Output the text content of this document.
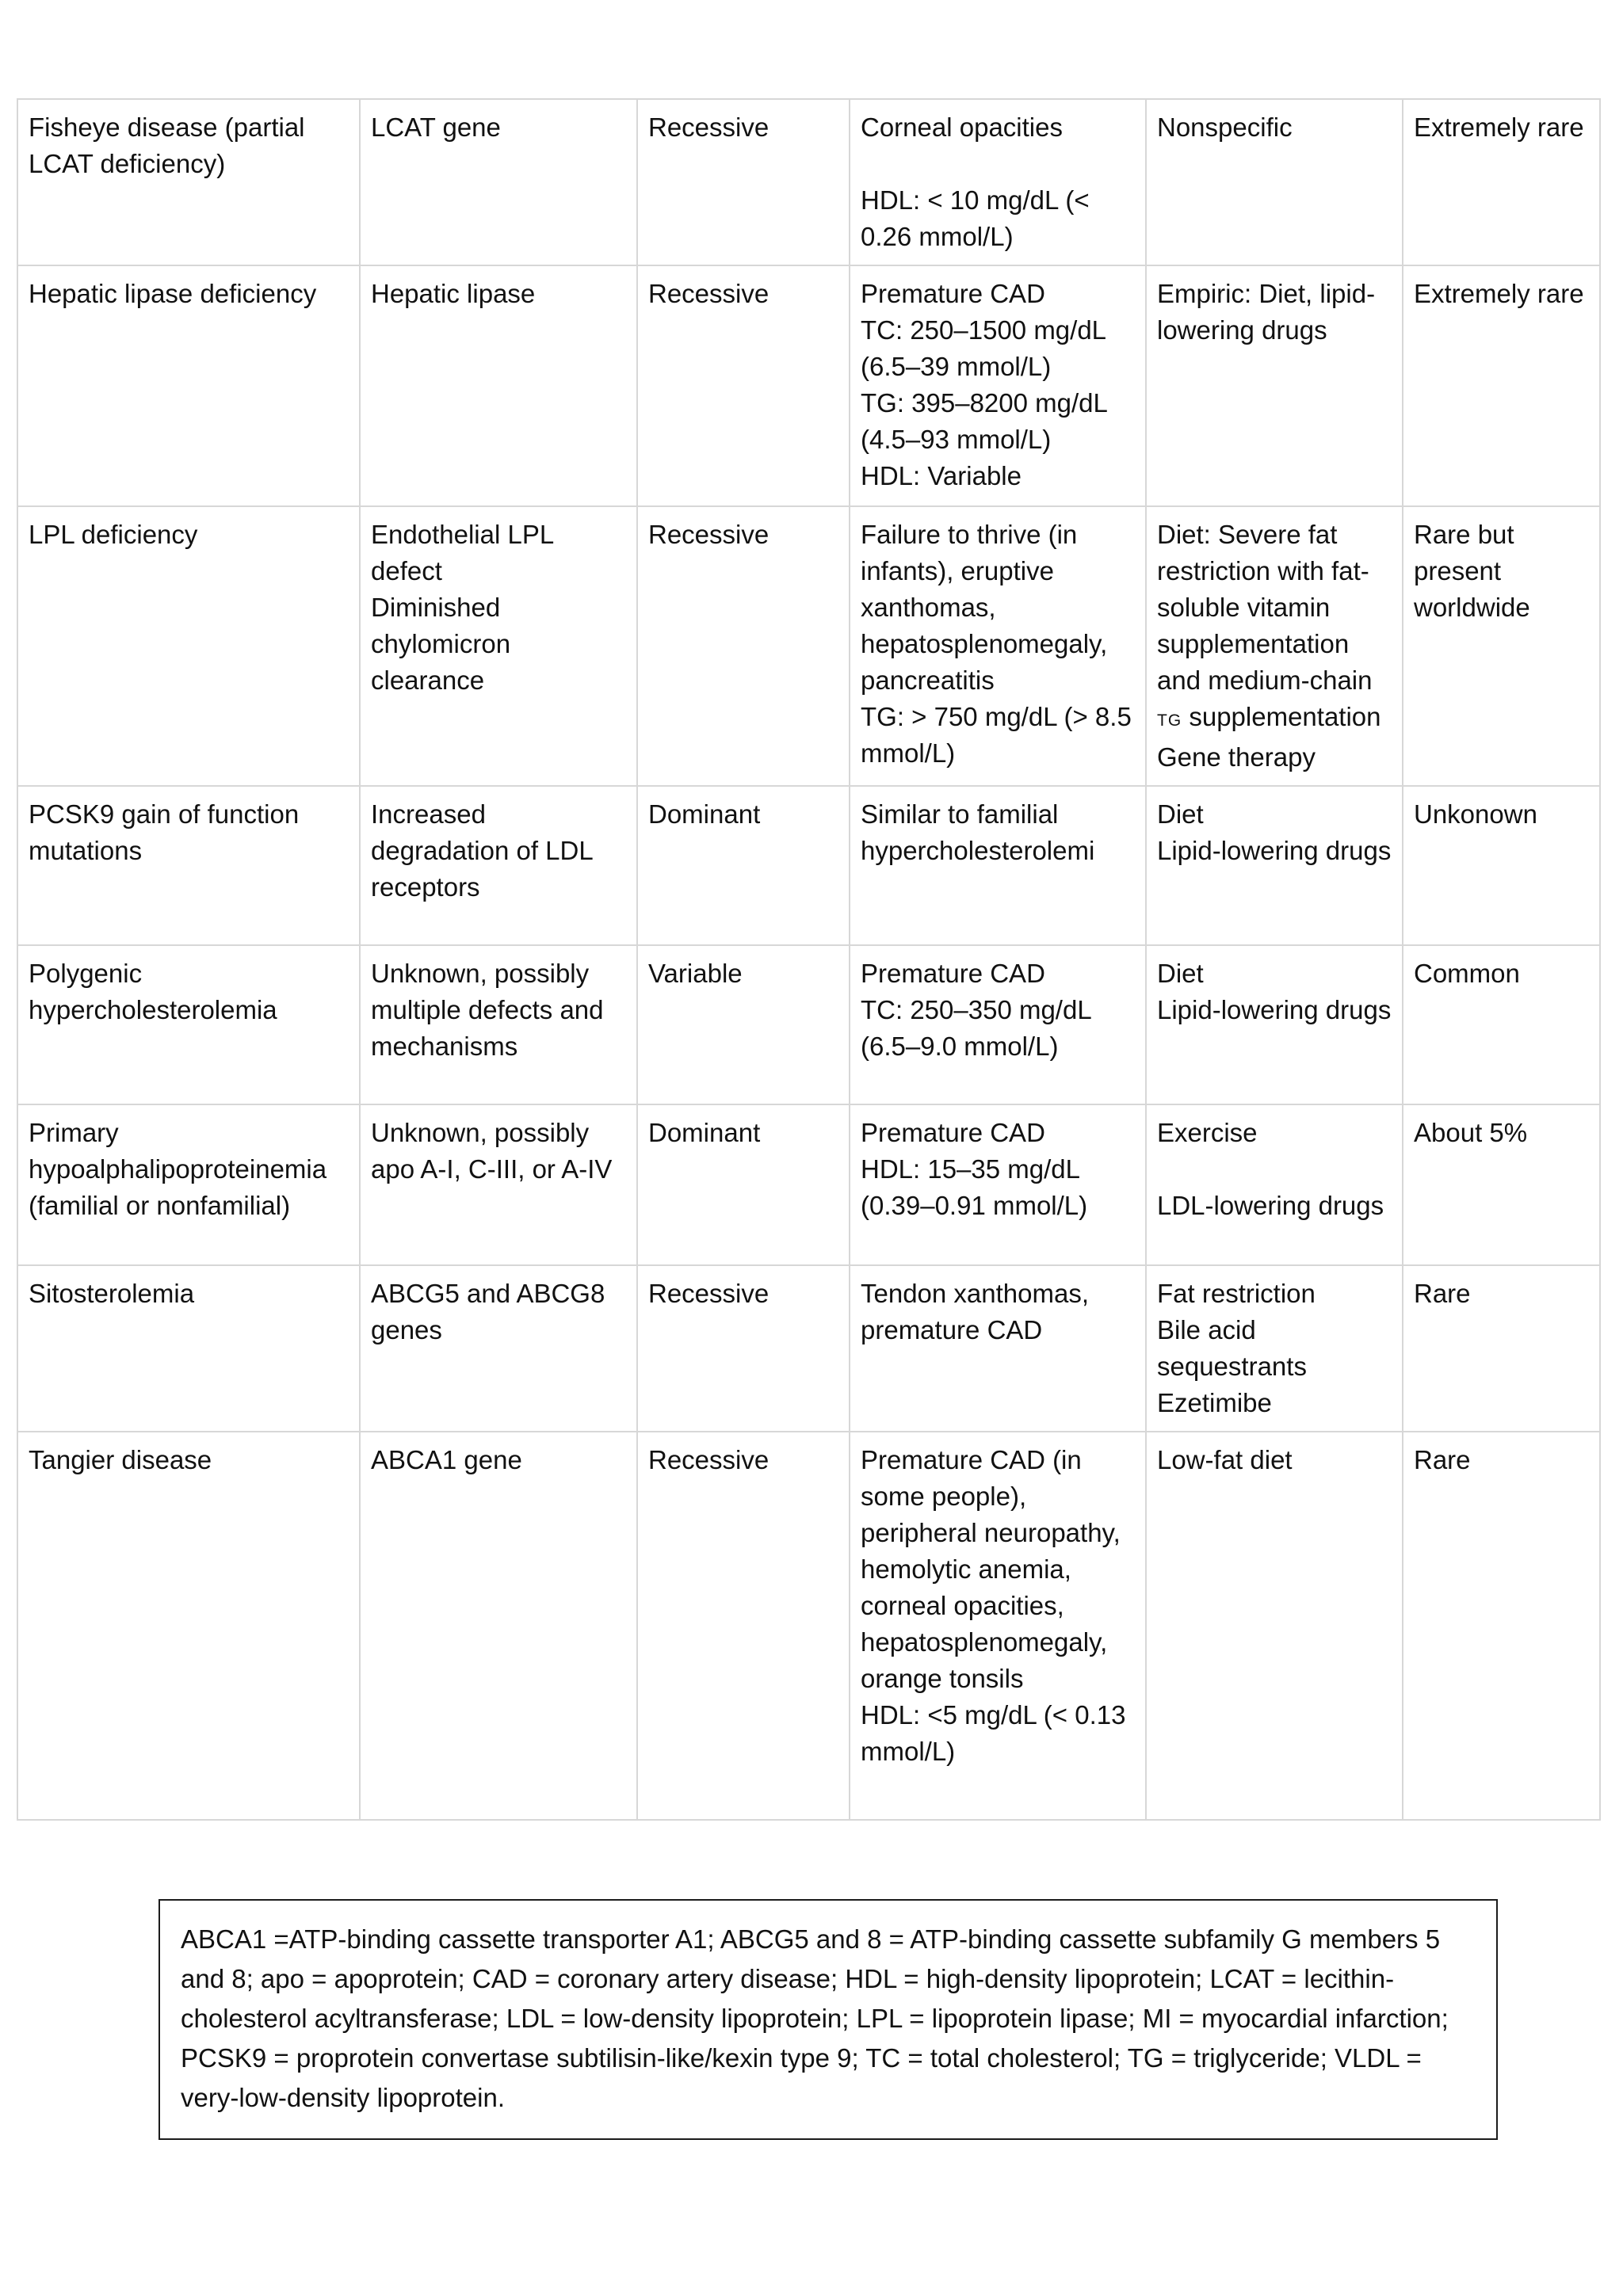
Fisheye disease (partial LCAT deficiency)	LCAT gene	Recessive	Corneal opacities
HDL: < 10 mg/dL (< 0.26 mmol/L)	Nonspecific	Extremely rare

Hepatic lipase deficiency	Hepatic lipase	Recessive	Premature CAD
TC: 250–1500 mg/dL (6.5–39 mmol/L)
TG: 395–8200 mg/dL (4.5–93 mmol/L)
HDL: Variable	Empiric: Diet, lipid-lowering drugs	Extremely rare

LPL deficiency	Endothelial LPL defect
Diminished chylomicron clearance	Recessive	Failure to thrive (in infants), eruptive xanthomas, hepatosplenomegaly, pancreatitis
TG: > 750 mg/dL (> 8.5 mmol/L)	Diet: Severe fat restriction with fat-soluble vitamin supplementation and medium-chain
TG supplementation
Gene therapy	Rare but present worldwide

PCSK9 gain of function mutations	Increased degradation of LDL receptors	Dominant	Similar to familial hypercholesterolemi	Diet
Lipid-lowering drugs	Unkonown

Polygenic hypercholesterolemia	Unknown, possibly multiple defects and mechanisms	Variable	Premature CAD
TC: 250–350 mg/dL (6.5–9.0 mmol/L)	Diet
Lipid-lowering drugs	Common

Primary hypoalphalipoproteinemia (familial or nonfamilial)	Unknown, possibly apo A-I, C-III, or A-IV	Dominant	Premature CAD
HDL: 15–35 mg/dL (0.39–0.91 mmol/L)	Exercise
LDL-lowering drugs	About 5%

Sitosterolemia	ABCG5 and ABCG8 genes	Recessive	Tendon xanthomas, premature CAD	Fat restriction
Bile acid sequestrants
Ezetimibe	Rare

Tangier disease	ABCA1 gene	Recessive	Premature CAD (in some people), peripheral neuropathy, hemolytic anemia, corneal opacities, hepatosplenomegaly, orange tonsils
HDL: <5 mg/dL (< 0.13 mmol/L)	Low-fat diet	Rare
ABCA1 =ATP-binding cassette transporter A1; ABCG5 and 8 = ATP-binding cassette subfamily G members 5 and 8; apo = apoprotein; CAD = coronary artery disease; HDL = high-density lipoprotein; LCAT = lecithin-cholesterol acyltransferase; LDL = low-density lipoprotein; LPL = lipoprotein lipase; MI = myocardial infarction; PCSK9 = proprotein convertase subtilisin-like/kexin type 9; TC = total cholesterol; TG = triglyceride; VLDL = very-low-density lipoprotein.
